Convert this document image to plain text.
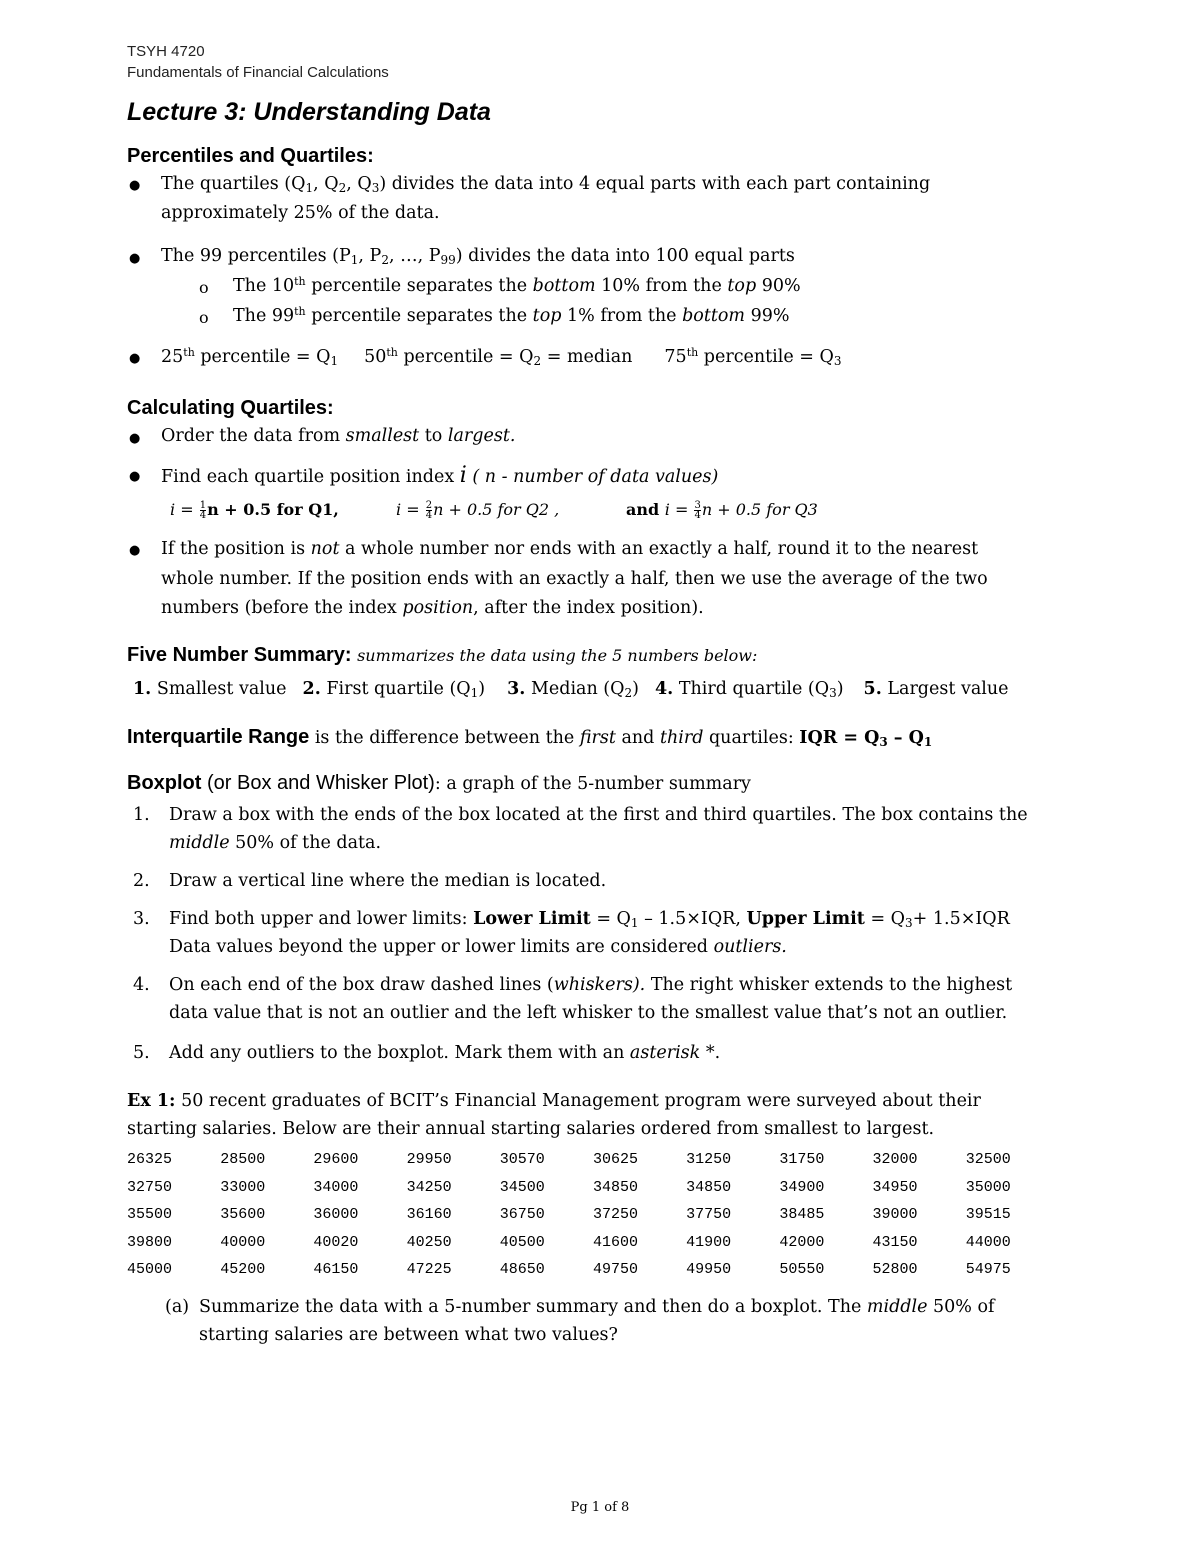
TSYH 4720
Fundamentals of Financial Calculations
Lecture 3: Understanding Data
Percentiles and Quartiles:
● The quartiles (Q1, Q2, Q3) divides the data into 4 equal parts with each part containing
approximately 25% of the data.
● The 99 percentiles (P1, P2, …, P99) divides the data into 100 equal parts
o The 10th percentile separates the bottom 10% from the top 90%
o The 99th percentile separates the top 1% from the bottom 99%
● 25th percentile = Q1 50th percentile = Q2 = median 75th percentile = Q3
Calculating Quartiles:
● Order the data from smallest to largest.
● Find each quartile position index i ( n - number of data values)
$i = \frac{1}{4}$ n + 0.5 for Q1,	$i = \frac{2}{4}$ n + 0.5 for Q2 ,	and $i = \frac{3}{4}$ n + 0.5 for Q3
● If the position is not a whole number nor ends with an exactly a half, round it to the nearest
whole number. If the position ends with an exactly a half, then we use the average of the two
numbers (before the index position, after the index position).
Five Number Summary: summarizes the data using the 5 numbers below:
1. Smallest value 2. First quartile (Q1) 3. Median (Q2) 4. Third quartile (Q3) 5. Largest value
Interquartile Range is the difference between the first and third quartiles: IQR = Q3 – Q1
Boxplot (or Box and Whisker Plot): a graph of the 5-number summary
1. Draw a box with the ends of the box located at the first and third quartiles. The box contains the
middle 50% of the data.
2. Draw a vertical line where the median is located.
3. Find both upper and lower limits: Lower Limit = Q1 – 1.5×IQR, Upper Limit = Q3+ 1.5×IQR
Data values beyond the upper or lower limits are considered outliers.
4. On each end of the box draw dashed lines (whiskers). The right whisker extends to the highest
data value that is not an outlier and the left whisker to the smallest value that’s not an outlier.
5. Add any outliers to the boxplot. Mark them with an asterisk *.
Ex 1: 50 recent graduates of BCIT’s Financial Management program were surveyed about their
starting salaries. Below are their annual starting salaries ordered from smallest to largest.
26325	28500	29600	29950	30570	30625	31250	31750	32000	32500
32750	33000	34000	34250	34500	34850	34850	34900	34950	35000
35500	35600	36000	36160	36750	37250	37750	38485	39000	39515
39800	40000	40020	40250	40500	41600	41900	42000	43150	44000
45000	45200	46150	47225	48650	49750	49950	50550	52800	54975
(a) Summarize the data with a 5-number summary and then do a boxplot. The middle 50% of
starting salaries are between what two values?
Pg 1 of 8
